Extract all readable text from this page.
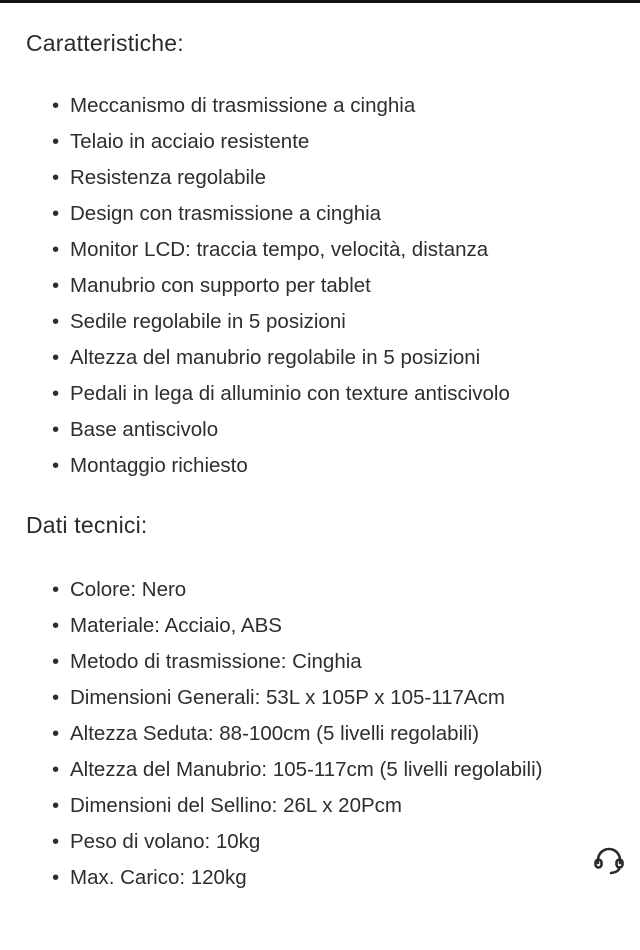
Caratteristiche:
• Meccanismo di trasmissione a cinghia
• Telaio in acciaio resistente
• Resistenza regolabile
• Design con trasmissione a cinghia
• Monitor LCD: traccia tempo, velocità, distanza
• Manubrio con supporto per tablet
• Sedile regolabile in 5 posizioni
• Altezza del manubrio regolabile in 5 posizioni
• Pedali in lega di alluminio con texture antiscivolo
• Base antiscivolo
• Montaggio richiesto
Dati tecnici:
• Colore: Nero
• Materiale: Acciaio, ABS
• Metodo di trasmissione: Cinghia
• Dimensioni Generali: 53L x 105P x 105-117Acm
• Altezza Seduta: 88-100cm (5 livelli regolabili)
• Altezza del Manubrio: 105-117cm (5 livelli regolabili)
• Dimensioni del Sellino: 26L x 20Pcm
• Peso di volano: 10kg
• Max. Carico: 120kg
